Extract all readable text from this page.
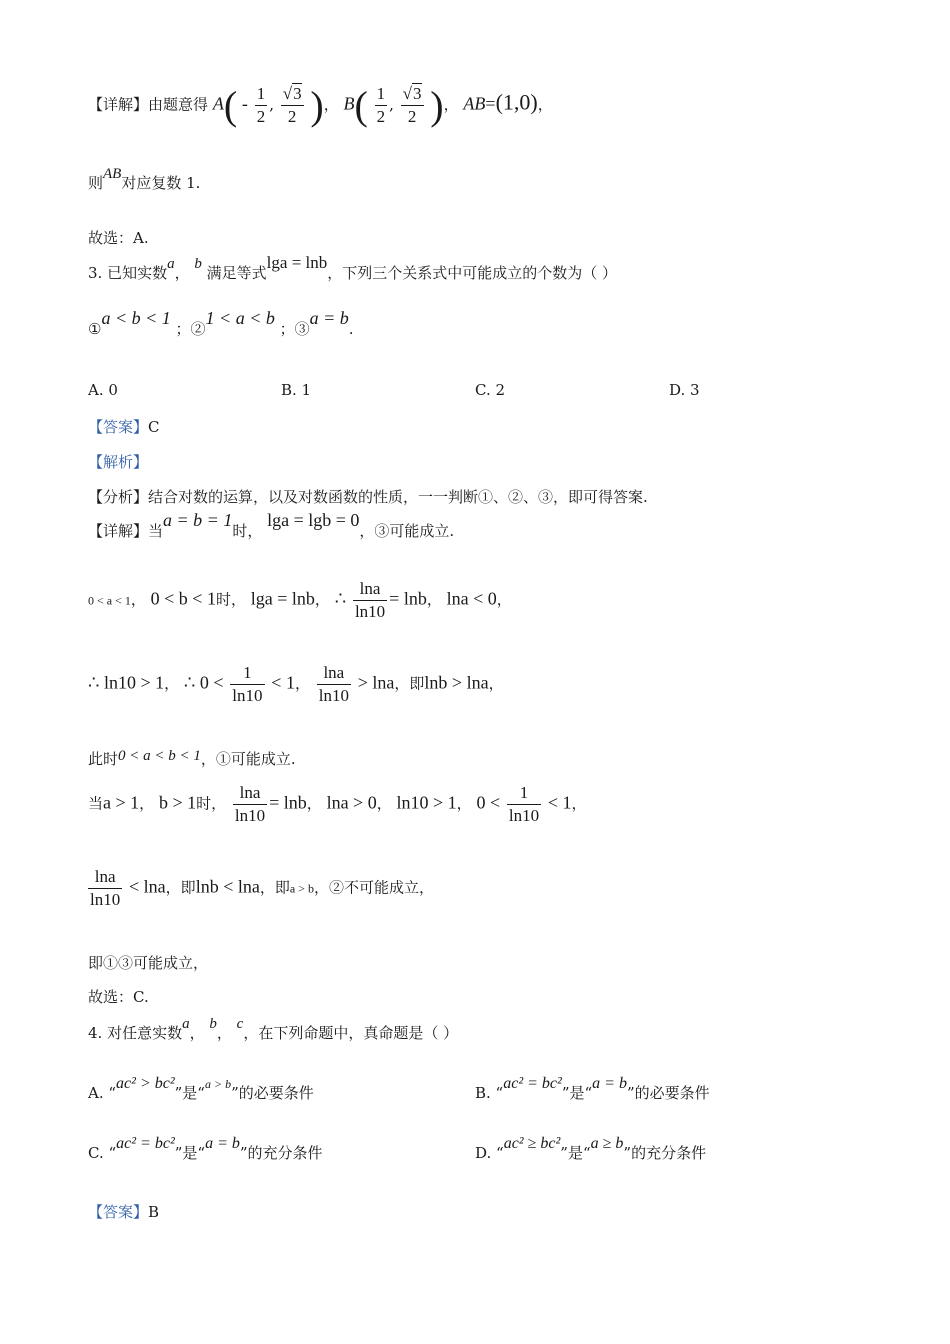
【详解】由题意得 $A( - \frac{1}{2}$ , $\frac{√3}{2}$ )， $B( \frac{1}{2}$ , $\frac{√3}{2}$ )， AB=(1,0)，
则AB对应复数 1.
故选：A.
3. 已知实数a， b 满足等式lga = lnb，下列三个关系式中可能成立的个数为（ ）
①a < b < 1 ；②1 < a < b ；③a = b.
A. 0	B. 1	C. 2	D. 3
【答案】C
【解析】
【分析】结合对数的运算，以及对数函数的性质，一一判断①、②、③，即可得答案.
【详解】当a = b = 1时， lga = lgb = 0，③可能成立.
0 < a < 1， 0 < b < 1时， lga = lnb， ∴ $\frac{\ln a}{\ln 10} = \ln b$， lna < 0，
∴ ln10 > 1， ∴ $0 < \frac{1}{\ln 10} < 1$， $\frac{\ln a}{\ln 10} > \ln a$，即lnb > lna，
此时0 < a < b < 1，①可能成立.
当a > 1， b > 1时， $\frac{\ln a}{\ln 10} = \ln b$， lna > 0， ln10 > 1， $0 < \frac{1}{\ln 10} < 1$，
$\frac{\ln a}{\ln 10} < \ln a$，即lnb < lna，即a > b，②不可能成立，
即①③可能成立，
故选：C.
4. 对任意实数a， b， c，在下列命题中，真命题是（ ）
A. “ac² > bc²”是“$^{a > b}$”的必要条件	B. “ac² = bc²”是“a = b”的必要条件
C. “ac² = bc²”是“a = b”的充分条件	D. “ac² ≥ bc²”是“a ≥ b”的充分条件
【答案】B
